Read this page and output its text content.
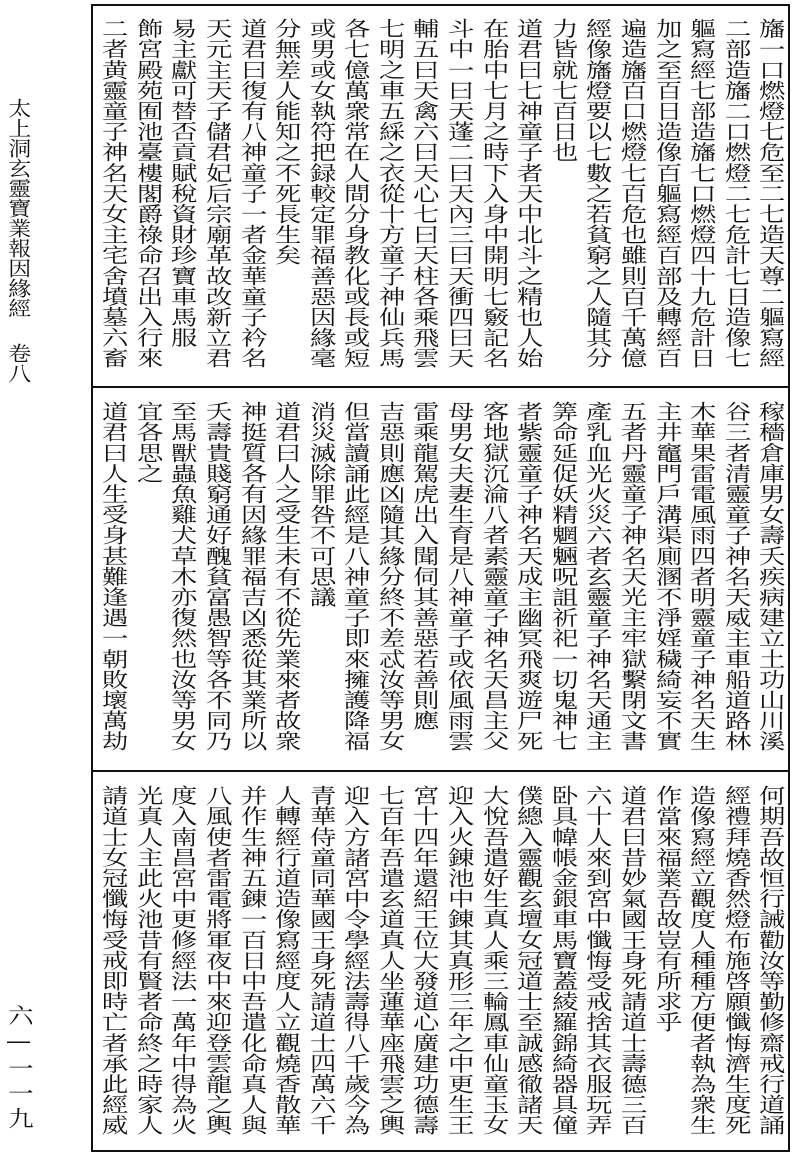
太上洞玄靈寶業報因緣經
卷八
六—一一九
旛一口燃燈七危至二七造天尊二軀寫經
二部造旛二口燃燈二七危計七日造像七
軀寫經七部造旛七口燃燈四十九危計日
加之至百日造像百軀寫經百部及轉經百
遍造旛百口燃燈七百危也雖則百千萬億
經像旛燈要以七數之若貧窮之人隨其分
力皆就七百日也
道君曰七神童子者天中北斗之精也人始
在胎中七月之時下入身中開明七竅記名
斗中一曰天蓬二曰天內三曰天衝四曰天
輔五曰天禽六曰天心七曰天柱各乘飛雲
七明之車五綵之衣從十方童子神仙兵馬
各七億萬衆常在人間分身教化或長或短
或男或女執符把録較定罪福善惡因緣毫
分無差人能知之不死長生矣
道君曰復有八神童子一者金華童子衿名
天元主天子儲君妃后宗廟革故改新立君
易主獻可替否貢賦稅資財珍寶車馬服
飾宮殿苑囿池臺樓閣爵祿命召出入行來
二者黄靈童子神名天女主宅舍墳墓六畜
稼穡倉庫男女壽夭疾病建立土功山川溪
谷三者清靈童子神名天威主車船道路林
木華果雷電風雨四者明靈童子神名天生
主井竈門戶溝渠廁溷不淨婬穢綺妄不實
五者丹靈童子神名天光主牢獄繫閉文書
產乳血光火災六者玄靈童子神名天通主
筭命延促妖精魍魎呪詛祈祀一切鬼神七
者紫靈童子神名天成主幽冥飛爽遊尸死
客地獄沉淪八者素靈童子神名天昌主父
母男女夫妻生育是八神童子或依風雨雲
雷乘龍駕虎出入聞伺其善惡若善則應
吉惡則應凶隨其緣分終不差忒汝等男女
但當讀誦此經是八神童子即來擁護降福
消災滅除罪咎不可思議
道君曰人之受生未有不從先業來者故衆
神挺質各有因緣罪福吉凶悉從其業所以
夭壽貴賤窮通好醜貧富愚智等各不同乃
至馬獸蟲魚雞犬草木亦復然也汝等男女
宜各思之
道君曰人生受身甚難逢遇一朝敗壞萬劫
何期吾故恒行誡勸汝等勤修齋戒行道誦
經禮拜燒香然燈布施啓願懺悔濟生度死
造像寫經立觀度人種種方便者執為衆生
作當來福業吾故豈有所求乎
道君曰昔妙氣國王身死請道士壽德三百
六十人來到宮中懺悔受戒捨其衣服玩弄
卧具幃帳金銀車馬寶蓋綾羅錦綺器具僮
僕總入靈觀玄壇女冠道士至誠感徹諸天
大悅吾遣好生真人乘三輪鳳車仙童玉女
迎入火錬池中錬其真形三年之中更生王
宮十四年還紹王位大發道心廣建功德壽
七百年吾遣玄道真人坐蓮華座飛雲之輿
迎入方諸宮中令學經法壽得八千歲今為
青華侍童同華國王身死請道士四萬六千
人轉經行道造像寫經度人立觀燒香散華
并作生神五錬一百日中吾遣化命真人與
八風使者雷電將軍夜中來迎登雲龍之輿
度入南昌宮中更修經法一萬年中得為火
光真人主此火池昔有賢者命終之時家人
請道士女冠懺悔受戒即時亡者承此經威
